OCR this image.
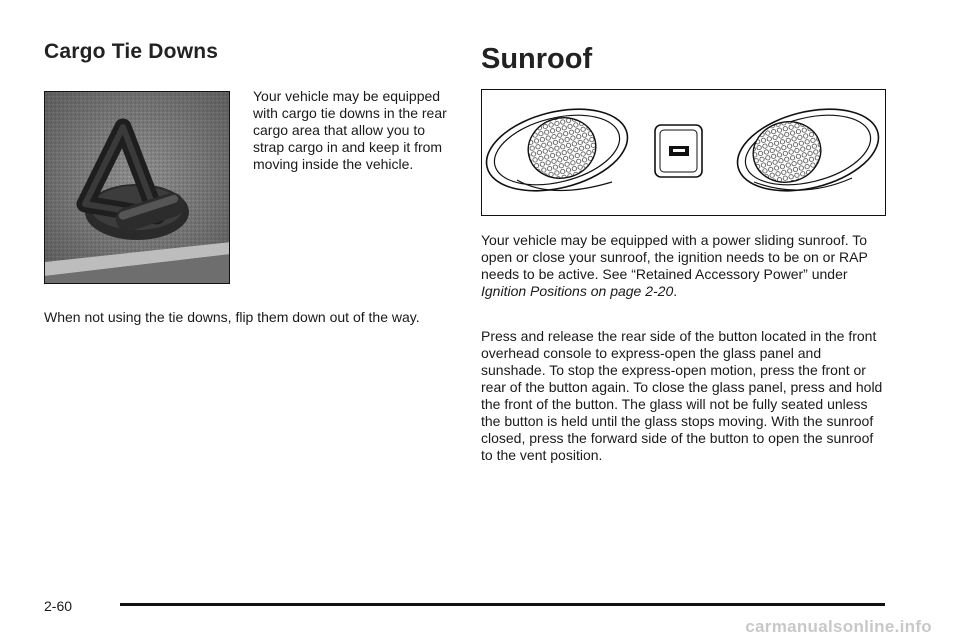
Cargo Tie Downs

Your vehicle may be equipped with cargo tie downs in the rear cargo area that allow you to strap cargo in and keep it from moving inside the vehicle.

When not using the tie downs, flip them down out of the way.

Sunroof

Your vehicle may be equipped with a power sliding sunroof. To open or close your sunroof, the ignition needs to be on or RAP needs to be active. See “Retained Accessory Power” under Ignition Positions on page 2-20.

Press and release the rear side of the button located in the front overhead console to express-open the glass panel and sunshade. To stop the express-open motion, press the front or rear of the button again. To close the glass panel, press and hold the front of the button. The glass will not be fully seated unless the button is held until the glass stops moving. With the sunroof closed, press the forward side of the button to open the sunroof to the vent position.

2-60
carmanualsonline.info
